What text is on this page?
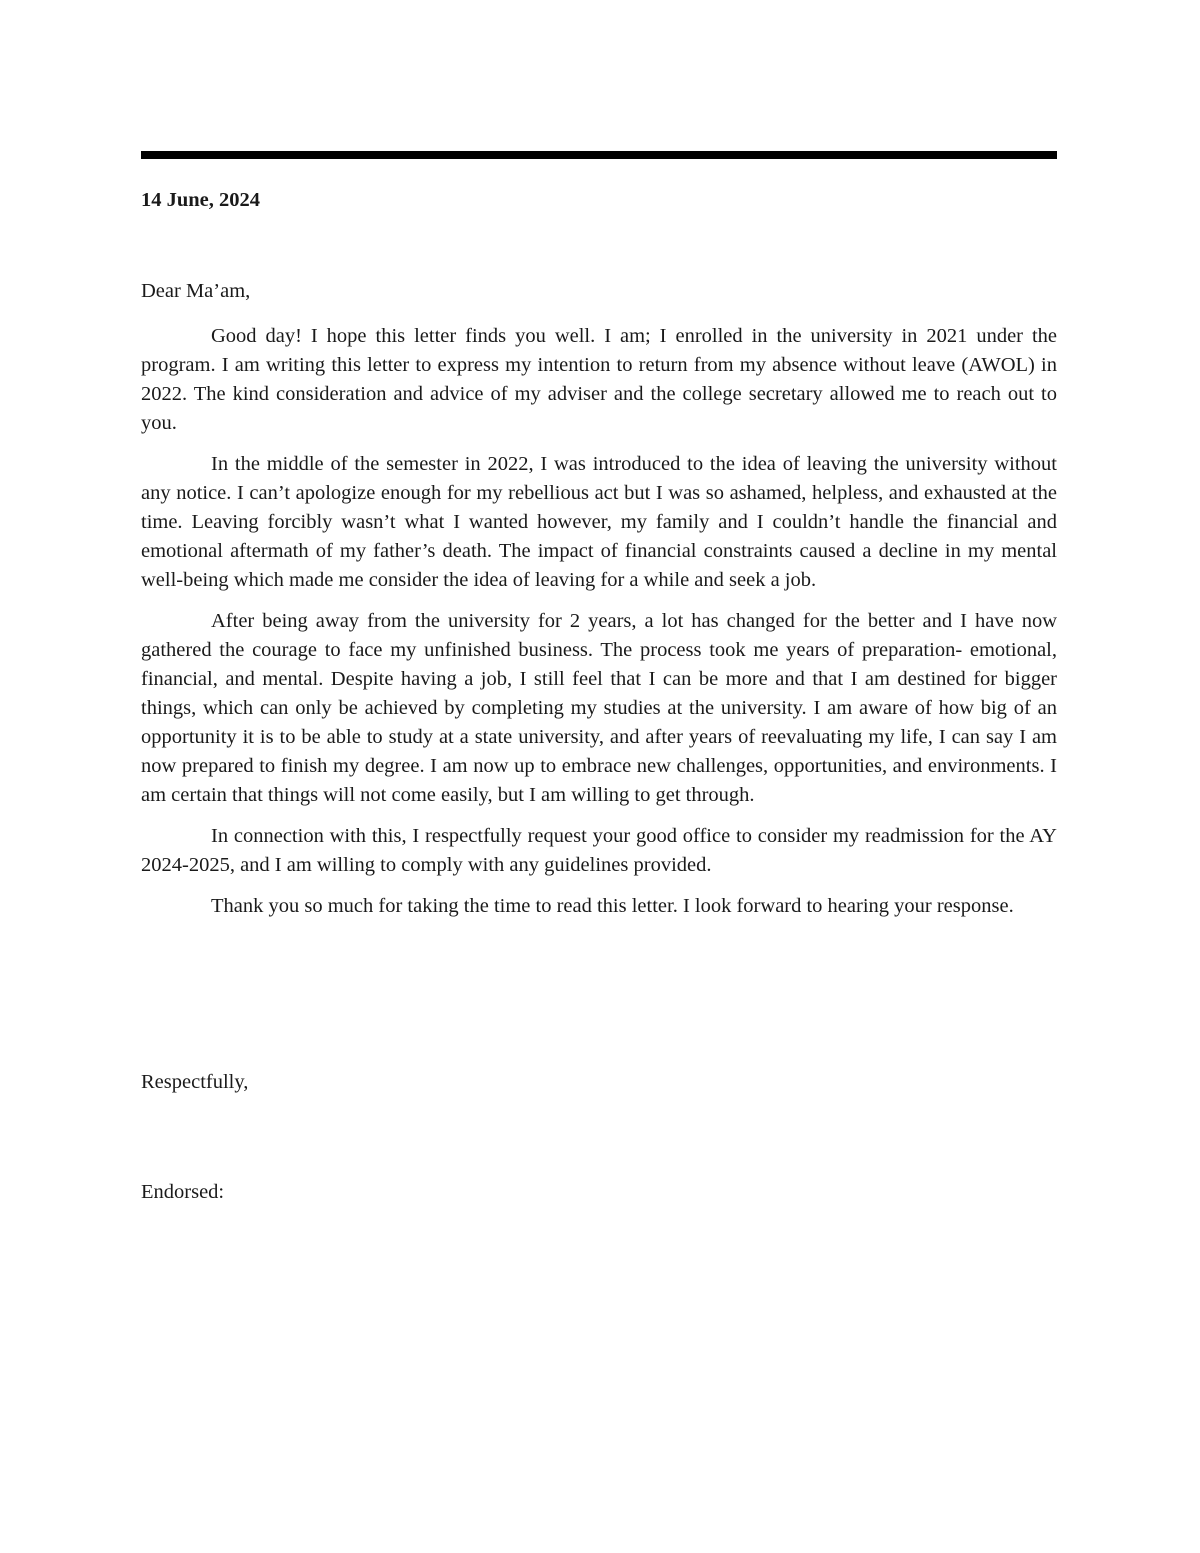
14 June, 2024

Dear Ma’am,

Good day! I hope this letter finds you well. I am; I enrolled in the university in 2021 under the program. I am writing this letter to express my intention to return from my absence without leave (AWOL) in 2022. The kind consideration and advice of my adviser and the college secretary allowed me to reach out to you.

In the middle of the semester in 2022, I was introduced to the idea of leaving the university without any notice. I can’t apologize enough for my rebellious act but I was so ashamed, helpless, and exhausted at the time. Leaving forcibly wasn’t what I wanted however, my family and I couldn’t handle the financial and emotional aftermath of my father’s death. The impact of financial constraints caused a decline in my mental well-being which made me consider the idea of leaving for a while and seek a job.

After being away from the university for 2 years, a lot has changed for the better and I have now gathered the courage to face my unfinished business. The process took me years of preparation- emotional, financial, and mental. Despite having a job, I still feel that I can be more and that I am destined for bigger things, which can only be achieved by completing my studies at the university. I am aware of how big of an opportunity it is to be able to study at a state university, and after years of reevaluating my life, I can say I am now prepared to finish my degree. I am now up to embrace new challenges, opportunities, and environments. I am certain that things will not come easily, but I am willing to get through.

In connection with this, I respectfully request your good office to consider my readmission for the AY 2024-2025, and I am willing to comply with any guidelines provided.

Thank you so much for taking the time to read this letter. I look forward to hearing your response.

Respectfully,

Endorsed:
